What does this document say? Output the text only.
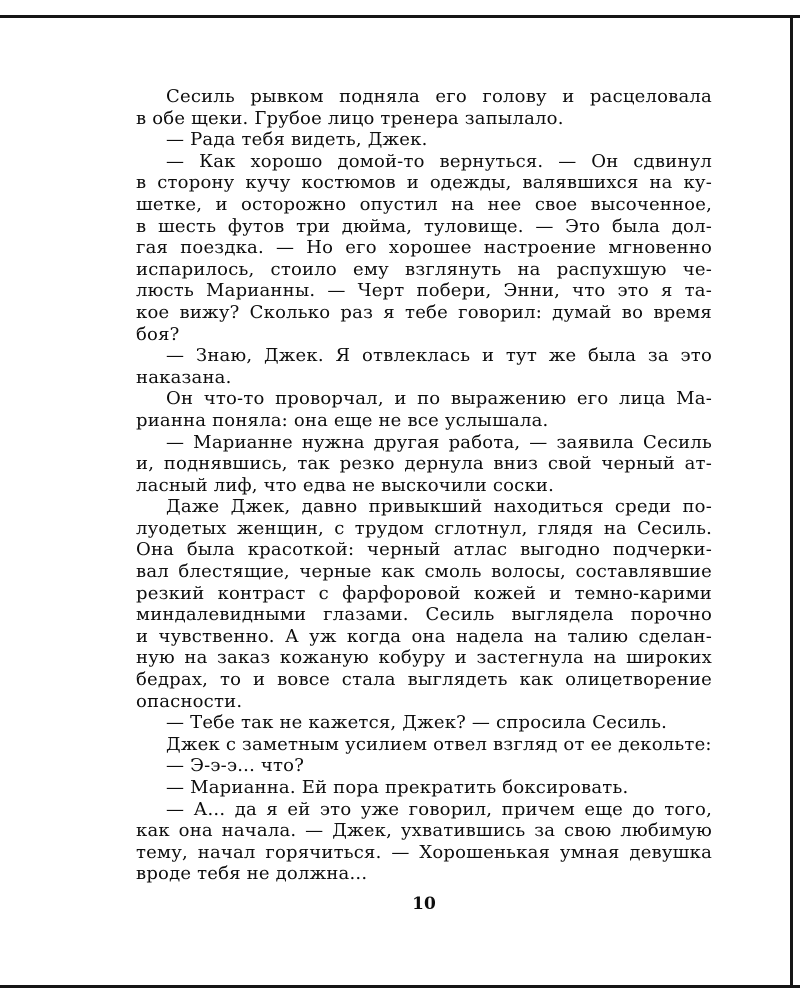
Сесиль рывком подняла его голову и расцеловала
в обе щеки. Грубое лицо тренера запылало.
— Рада тебя видеть, Джек.
— Как хорошо домой-то вернуться. — Он сдвинул
в сторону кучу костюмов и одежды, валявшихся на ку-
шетке, и осторожно опустил на нее свое высоченное,
в шесть футов три дюйма, туловище. — Это была дол-
гая поездка. — Но его хорошее настроение мгновенно
испарилось, стоило ему взглянуть на распухшую че-
люсть Марианны. — Черт побери, Энни, что это я та-
кое вижу? Сколько раз я тебе говорил: думай во время
боя?
— Знаю, Джек. Я отвлеклась и тут же была за это
наказана.
Он что-то проворчал, и по выражению его лица Ма-
рианна поняла: она еще не все услышала.
— Марианне нужна другая работа, — заявила Сесиль
и, поднявшись, так резко дернула вниз свой черный ат-
ласный лиф, что едва не выскочили соски.
Даже Джек, давно привыкший находиться среди по-
луодетых женщин, с трудом сглотнул, глядя на Сесиль.
Она была красоткой: черный атлас выгодно подчерки-
вал блестящие, черные как смоль волосы, составлявшие
резкий контраст с фарфоровой кожей и темно-карими
миндалевидными глазами. Сесиль выглядела порочно
и чувственно. А уж когда она надела на талию сделан-
ную на заказ кожаную кобуру и застегнула на широких
бедрах, то и вовсе стала выглядеть как олицетворение
опасности.
— Тебе так не кажется, Джек? — спросила Сесиль.
Джек с заметным усилием отвел взгляд от ее декольте:
— Э-э-э... что?
— Марианна. Ей пора прекратить боксировать.
— А... да я ей это уже говорил, причем еще до того,
как она начала. — Джек, ухватившись за свою любимую
тему, начал горячиться. — Хорошенькая умная девушка
вроде тебя не должна...
10
